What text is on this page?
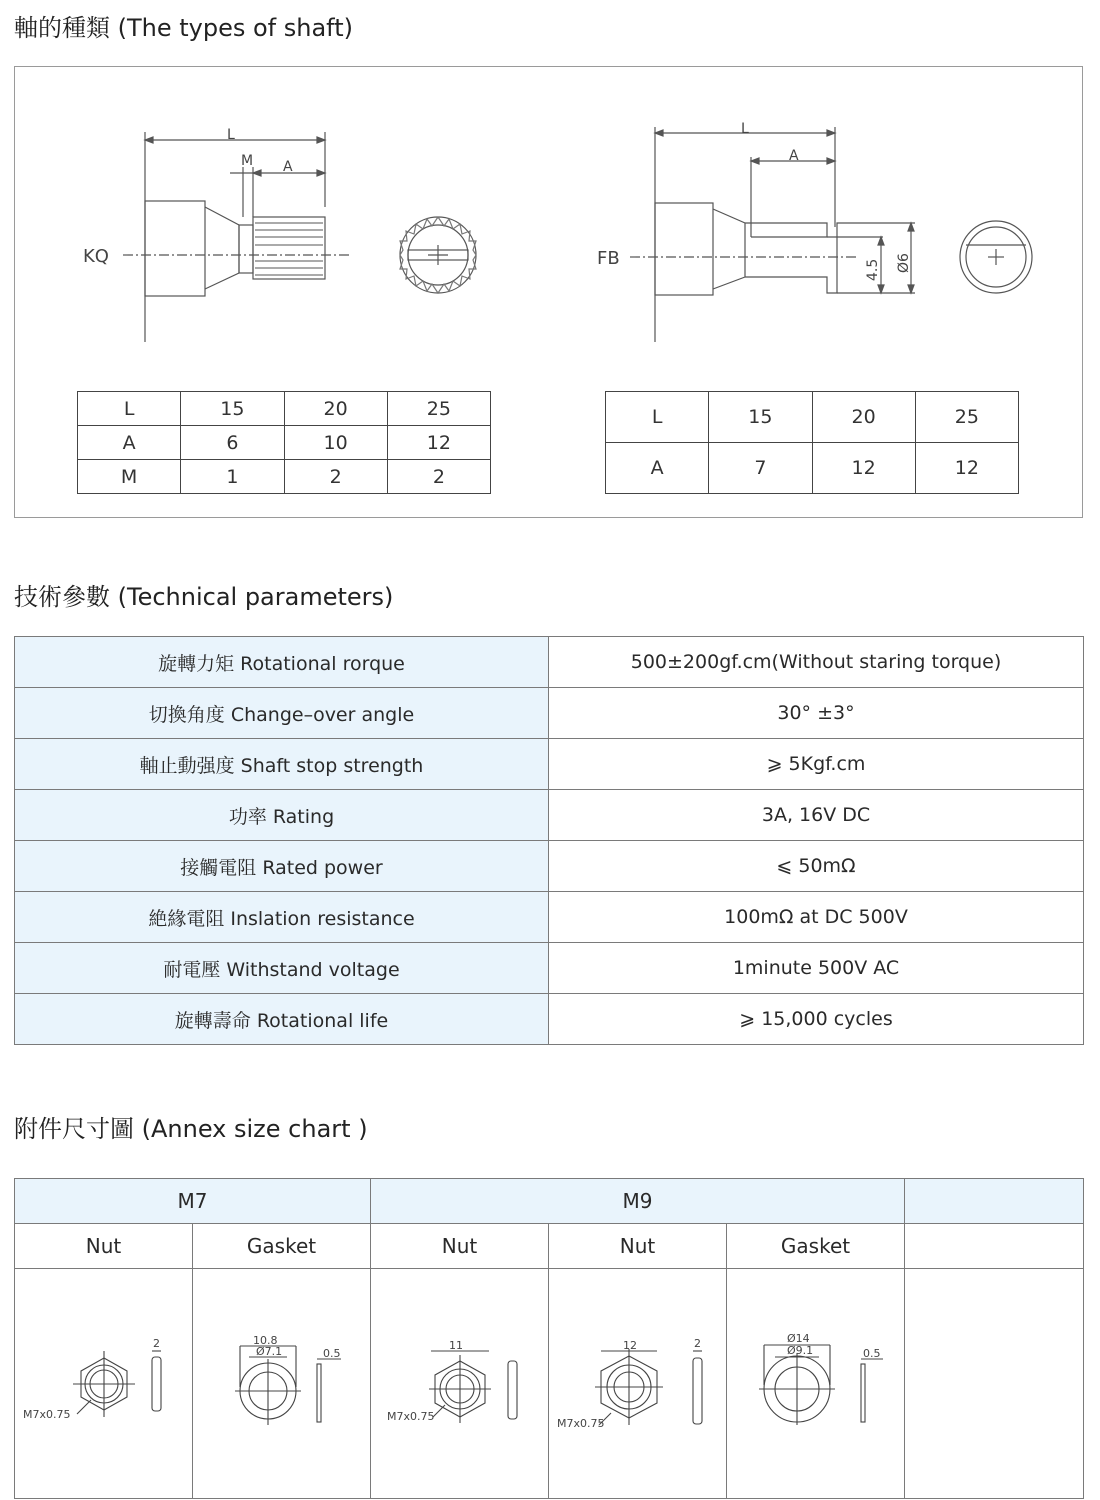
軸的種類 (The types of shaft)
L
M A
L
A
4.5 Ø6
KQ	FB
L	15	20	25
A	6	10	12
M	1	2	2
L	15	20	25
A	7	12	12
技術參數 (Technical parameters)
旋轉力矩 Rotational rorque	500±200gf.cm(Without staring torque)
切換角度 Change–over angle	30° ±3°
軸止動强度 Shaft stop strength	⩾ 5Kgf.cm
功率 Rating	3A, 16V DC
接觸電阻 Rated power	⩽ 50mΩ
絶緣電阻 Inslation resistance	100mΩ at DC 500V
耐電壓 Withstand voltage	1minute 500V AC
旋轉壽命 Rotational life	⩾ 15,000 cycles
附件尺寸圖 (Annex size chart )
M7		M9			
Nut	Gasket	Nut	Nut	Gasket	

2
M7x0.75	10.8
Ø7.1 0.5	11
M7x0.75	12 2
M7x0.75	Ø14
Ø9.1 0.5	
